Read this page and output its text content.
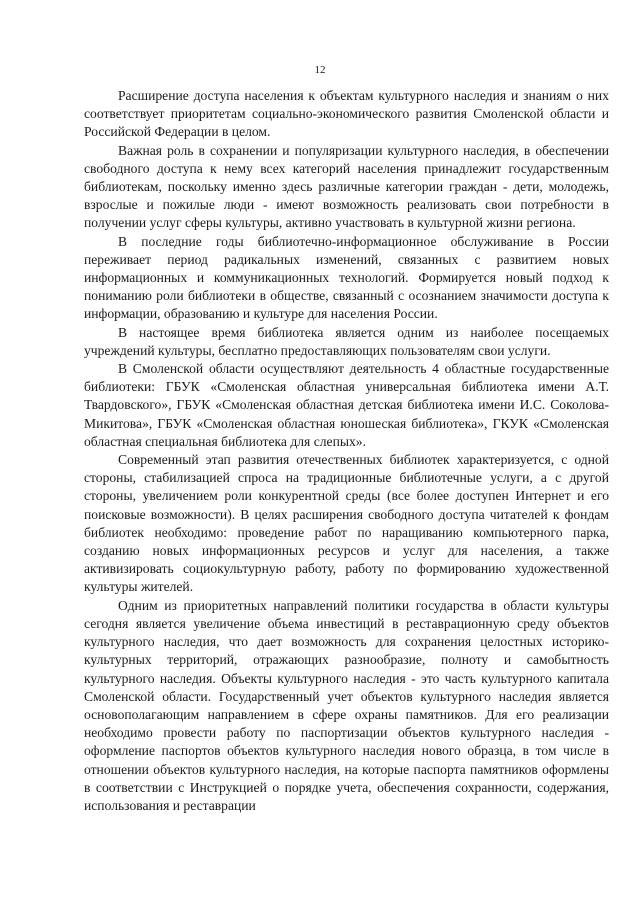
12

Расширение доступа населения к объектам культурного наследия и знаниям о них соответствует приоритетам социально-экономического развития Смоленской области и Российской Федерации в целом.

Важная роль в сохранении и популяризации культурного наследия, в обеспечении свободного доступа к нему всех категорий населения принадлежит государственным библиотекам, поскольку именно здесь различные категории граждан - дети, молодежь, взрослые и пожилые люди - имеют возможность реализовать свои потребности в получении услуг сферы культуры, активно участвовать в культурной жизни региона.

В последние годы библиотечно-информационное обслуживание в России переживает период радикальных изменений, связанных с развитием новых информационных и коммуникационных технологий. Формируется новый подход к пониманию роли библиотеки в обществе, связанный с осознанием значимости доступа к информации, образованию и культуре для населения России.

В настоящее время библиотека является одним из наиболее посещаемых учреждений культуры, бесплатно предоставляющих пользователям свои услуги.

В Смоленской области осуществляют деятельность 4 областные государственные библиотеки: ГБУК «Смоленская областная универсальная библиотека имени А.Т. Твардовского», ГБУК «Смоленская областная детская библиотека имени И.С. Соколова-Микитова», ГБУК «Смоленская областная юношеская библиотека», ГКУК «Смоленская областная специальная библиотека для слепых».

Современный этап развития отечественных библиотек характеризуется, с одной стороны, стабилизацией спроса на традиционные библиотечные услуги, а с другой стороны, увеличением роли конкурентной среды (все более доступен Интернет и его поисковые возможности). В целях расширения свободного доступа читателей к фондам библиотек необходимо: проведение работ по наращиванию компьютерного парка, созданию новых информационных ресурсов и услуг для населения, а также активизировать социокультурную работу, работу по формированию художественной культуры жителей.

Одним из приоритетных направлений политики государства в области культуры сегодня является увеличение объема инвестиций в реставрационную среду объектов культурного наследия, что дает возможность для сохранения целостных историко-культурных территорий, отражающих разнообразие, полноту и самобытность культурного наследия. Объекты культурного наследия - это часть культурного капитала Смоленской области. Государственный учет объектов культурного наследия является основополагающим направлением в сфере охраны памятников. Для его реализации необходимо провести работу по паспортизации объектов культурного наследия - оформление паспортов объектов культурного наследия нового образца, в том числе в отношении объектов культурного наследия, на которые паспорта памятников оформлены в соответствии с Инструкцией о порядке учета, обеспечения сохранности, содержания, использования и реставрации
